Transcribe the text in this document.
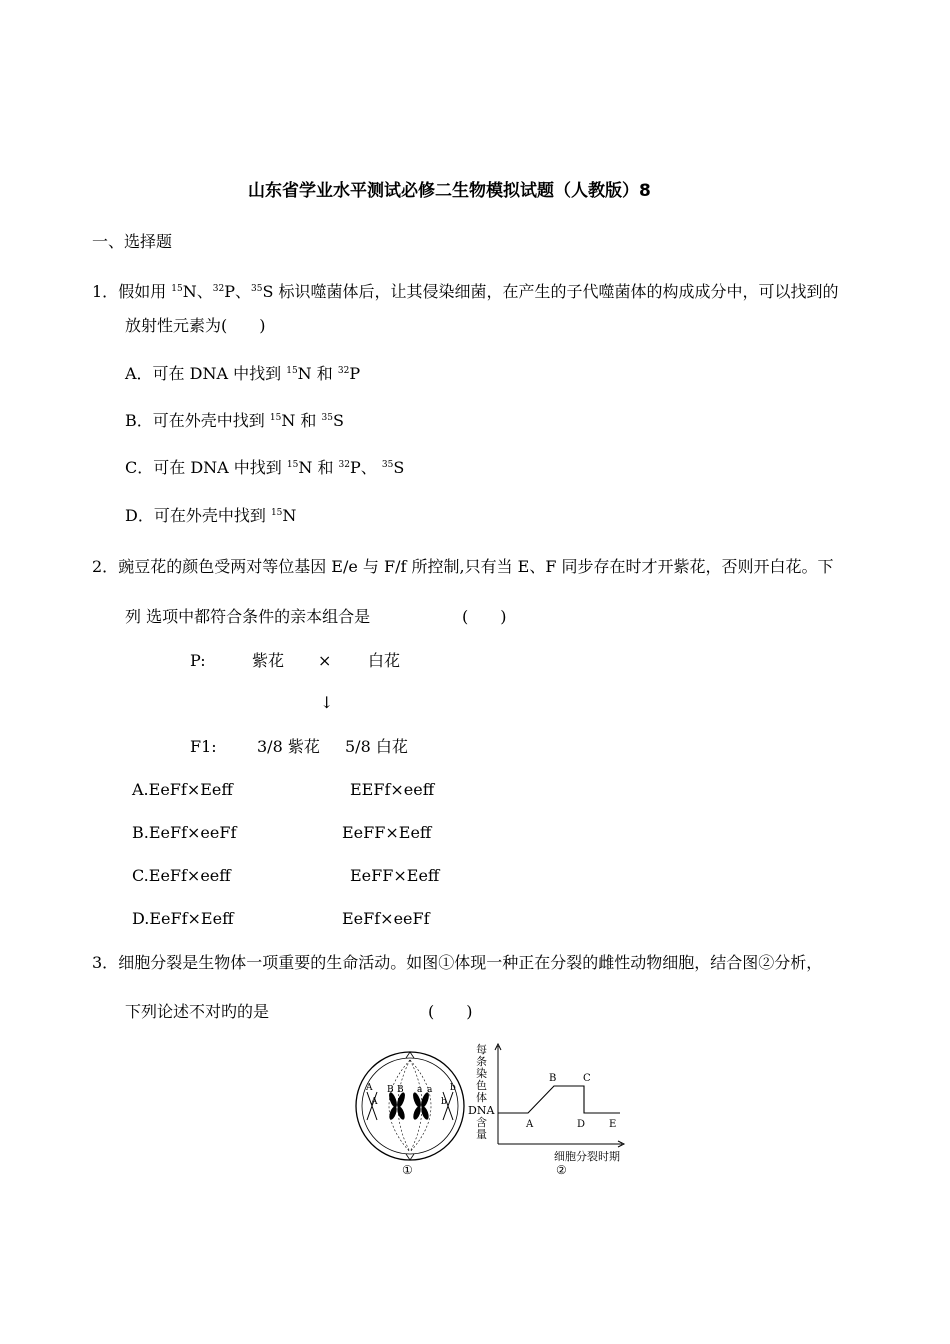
山东省学业水平测试必修二生物模拟试题（人教版）8
一、选择题
1．假如用 $^{15}$N、$^{32}$P、$^{35}$S 标识噬菌体后，让其侵染细菌，在产生的子代噬菌体的构成成分中，可以找到的
放射性元素为(　　)
A．可在 DNA 中找到 $^{15}$N 和 $^{32}$P
B．可在外壳中找到 $^{15}$N 和 $^{35}$S
C．可在 DNA 中找到 $^{15}$N 和 $^{32}$P、 $^{35}$S
D．可在外壳中找到 $^{15}$N
2．豌豆花的颜色受两对等位基因 E/e 与 F/f 所控制,只有当 E、F 同步存在时才开紫花，否则开白花。下
列 选项中都符合条件的亲本组合是	(　　)
P:	紫花 × 白花
↓
F1:	3/8 紫花 5/8 白花
A.EeFf×Eeff	EEFf×eeff
B.EeFf×eeFf	EeFF×Eeff
C.EeFf×eeff	EeFF×Eeff
D.EeFf×Eeff	EeFf×eeFf
3．细胞分裂是生物体一项重要的生命活动。如图①体现一种正在分裂的雌性动物细胞，结合图②分析，
下列论述不对旳的是	(　　)
A
A
B B a a
b
b
①
每
条
染
色
体
DNA
含
量
A
B	C
D E
细胞分裂时期
②
